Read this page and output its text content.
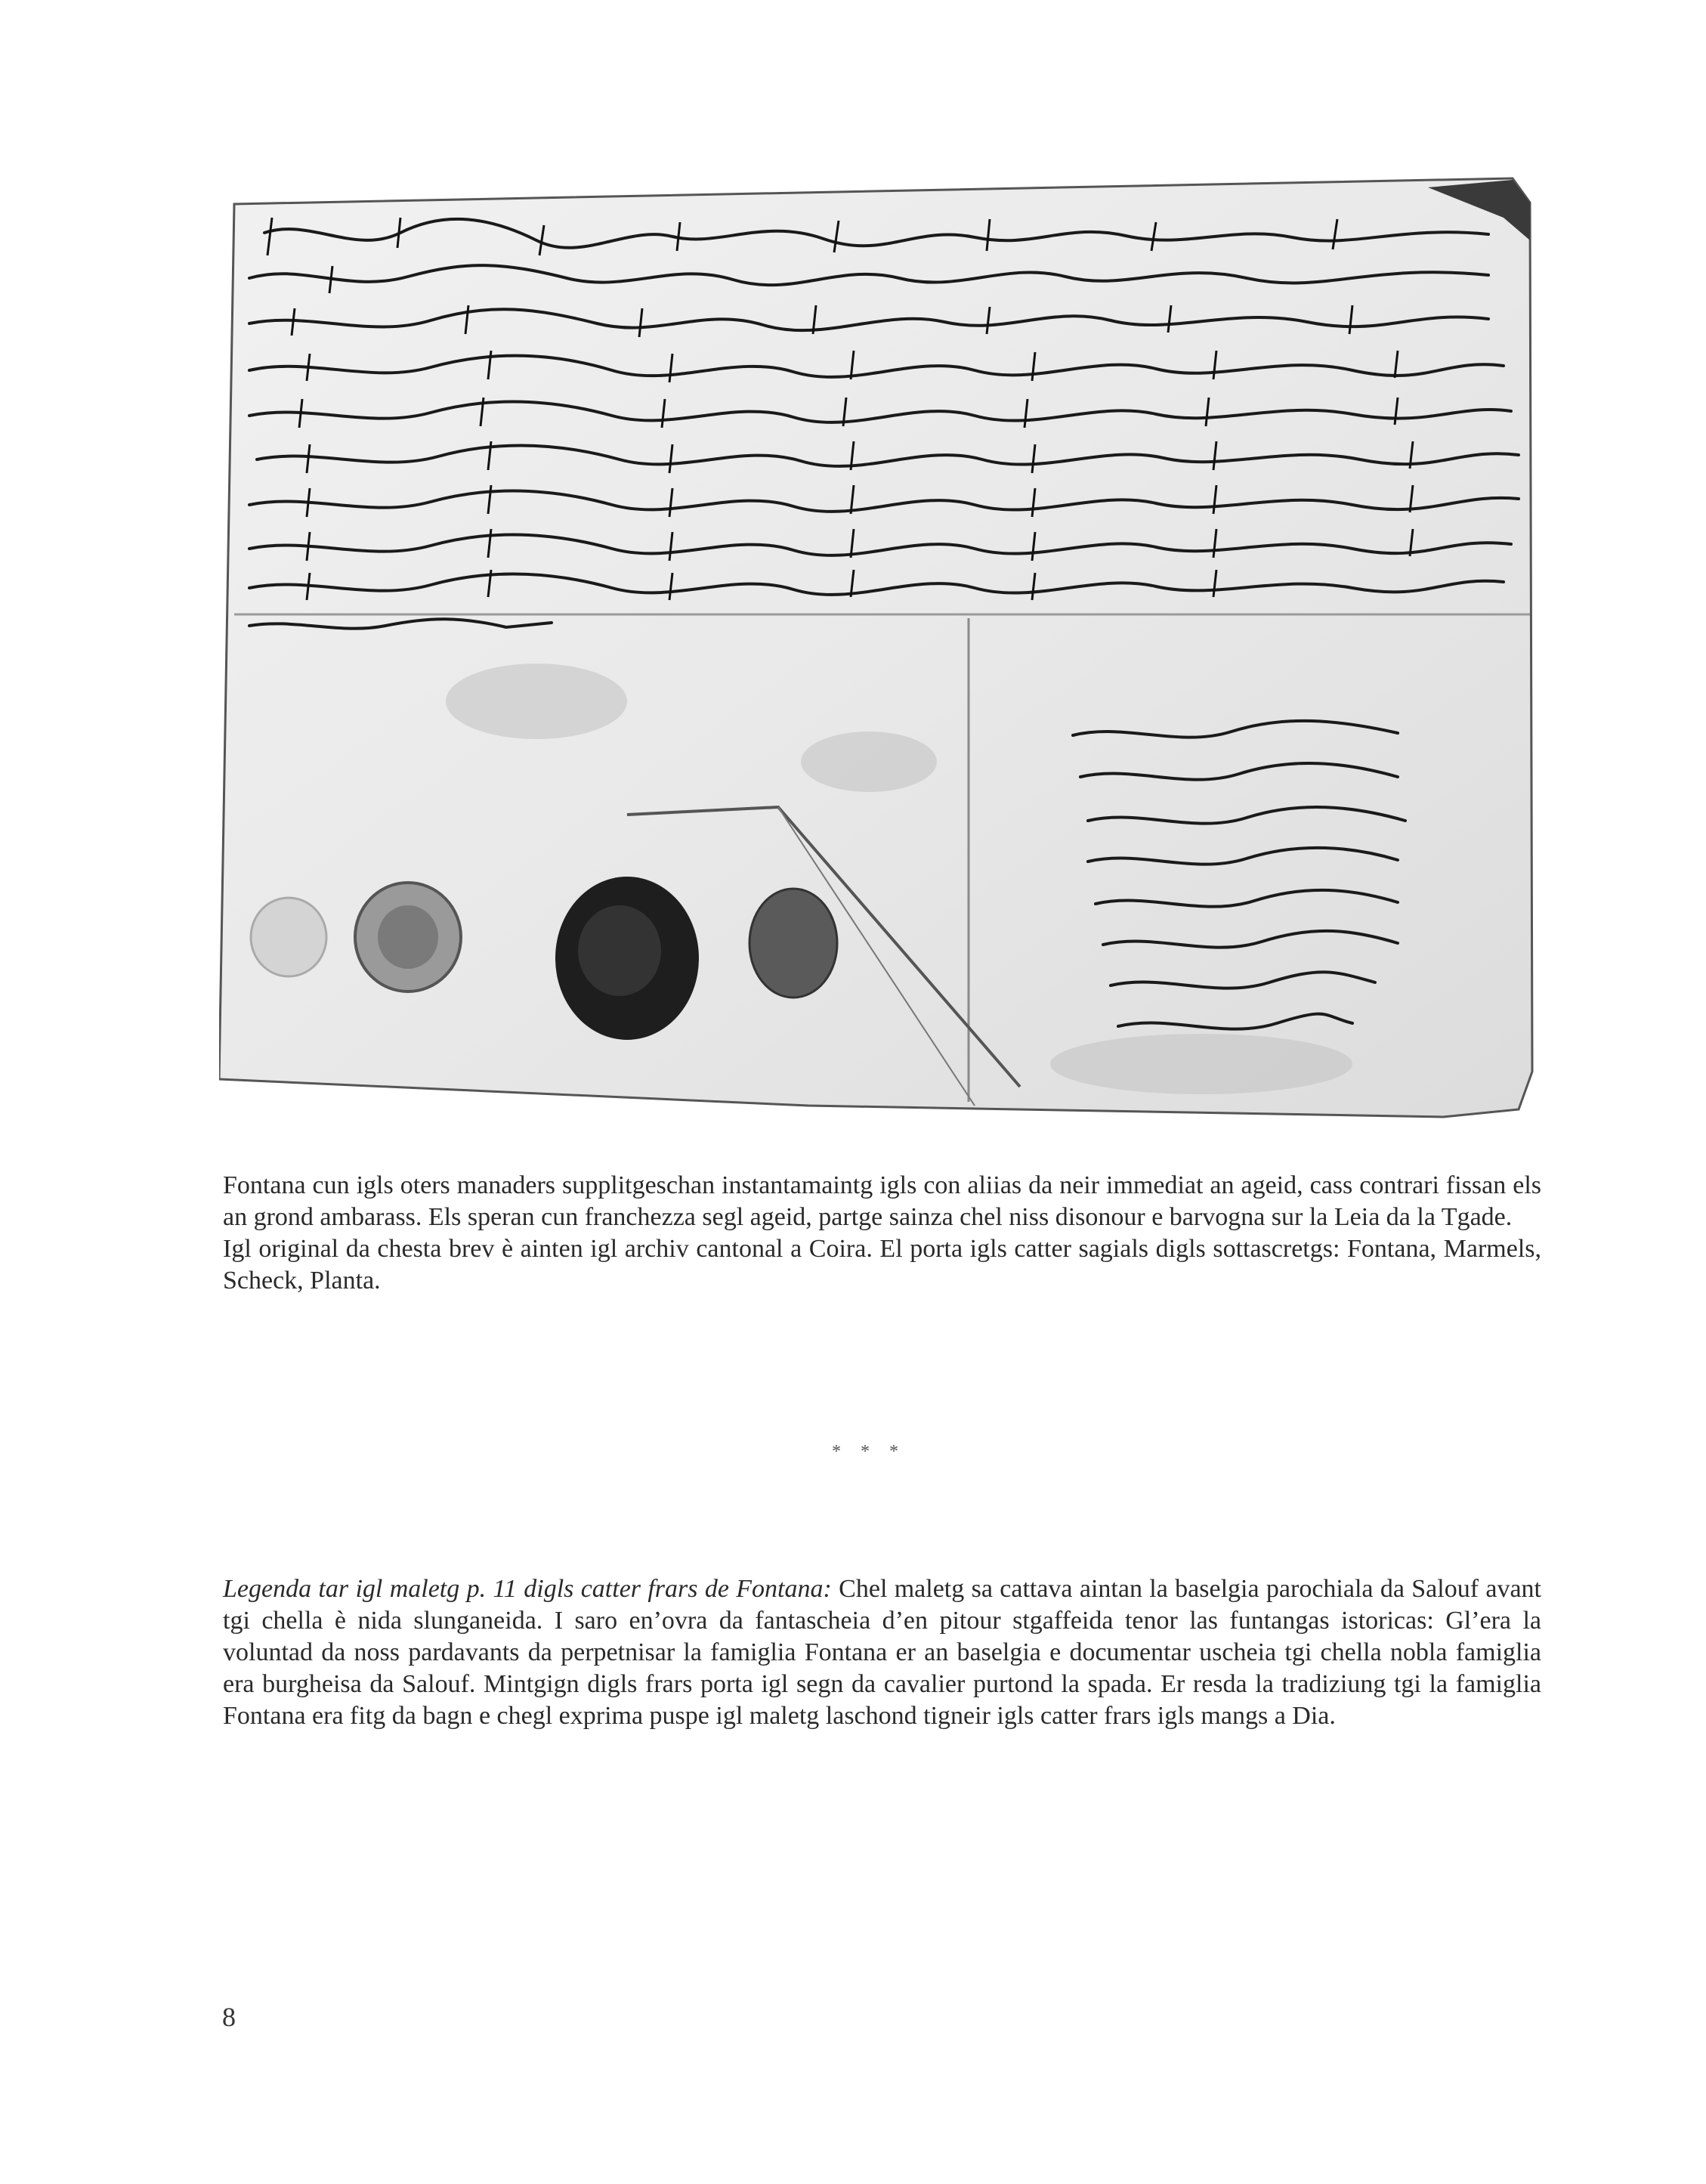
Fontana cun igls oters manaders supplitgeschan instantamaintg igls con aliias da neir immediat an ageid, cass contrari fissan els an grond ambarass. Els speran cun franchezza segl ageid, partge sainza chel niss disonour e barvogna sur la Leia da la Tgade.

Igl original da chesta brev è ainten igl archiv cantonal a Coira. El porta igls catter sagials digls sottascretgs: Fontana, Marmels, Scheck, Planta.

* * *

Legenda tar igl maletg p. 11 digls catter frars de Fontana: Chel maletg sa cattava aintan la baselgia parochiala da Salouf avant tgi chella è nida slunganeida. I saro en’ovra da fantascheia d’en pitour stgaffeida tenor las funtangas istoricas: Gl’era la voluntad da noss pardavants da perpetnisar la famiglia Fontana er an baselgia e documentar uscheia tgi chella nobla famiglia era burgheisa da Salouf. Mintgign digls frars porta igl segn da cavalier purtond la spada. Er resda la tradiziung tgi la famiglia Fontana era fitg da bagn e chegl exprima puspe igl maletg laschond tigneir igls catter frars igls mangs a Dia.

8
